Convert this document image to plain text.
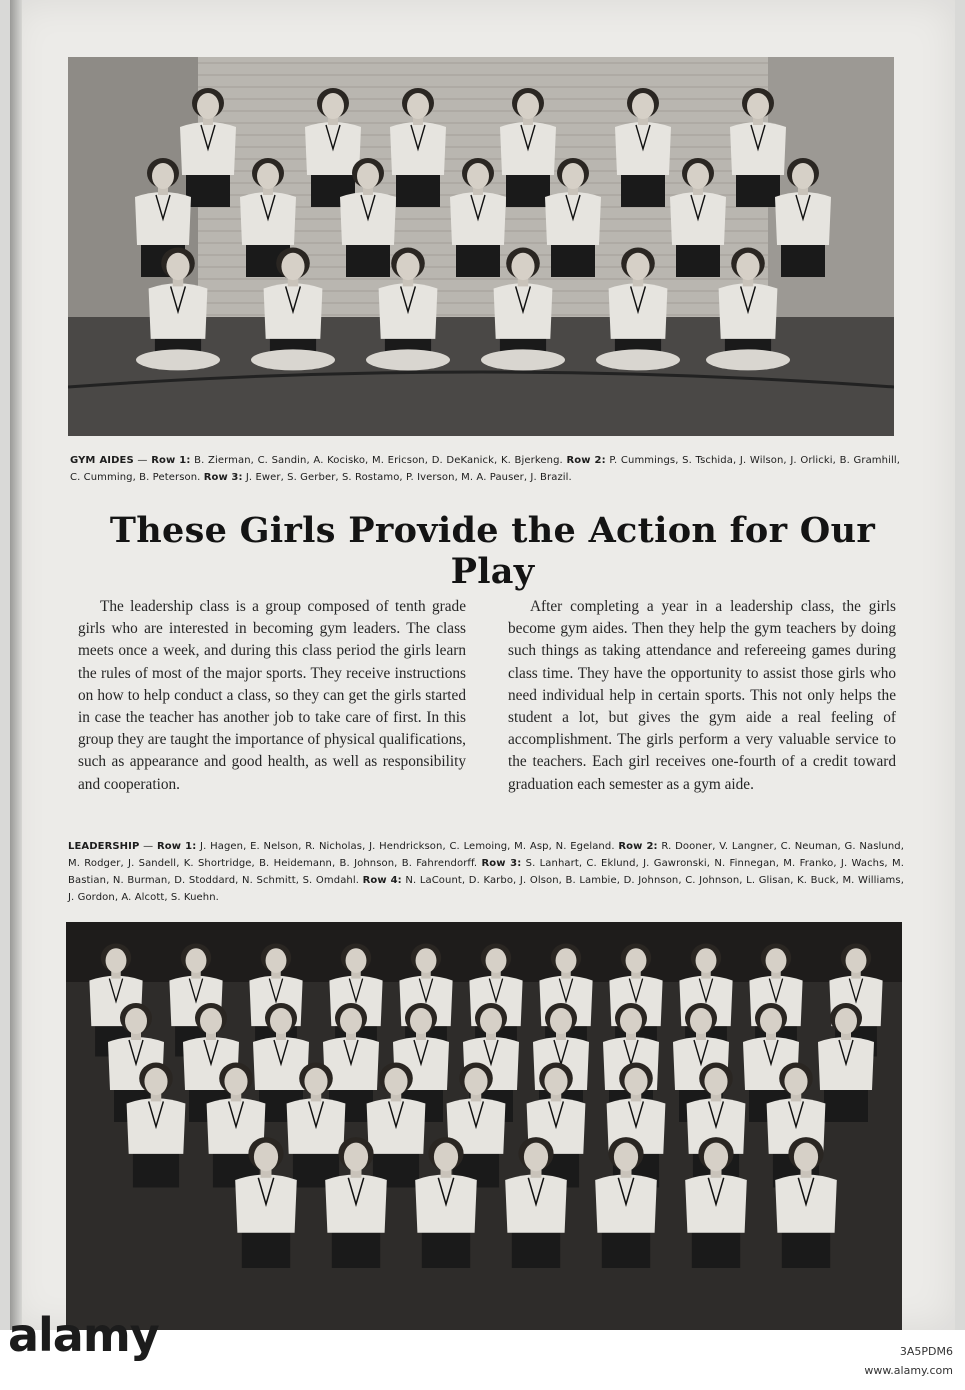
GYM AIDES — Row 1: B. Zierman, C. Sandin, A. Kocisko, M. Ericson, D. DeKanick, K. Bjerkeng. Row 2: P. Cummings, S. Tschida, J. Wilson, J. Orlicki, B. Gramhill, C. Cumming, B. Peterson. Row 3: J. Ewer, S. Gerber, S. Rostamo, P. Iverson, M. A. Pauser, J. Brazil.
These Girls Provide the Action for Our Play
The leadership class is a group composed of tenth grade girls who are interested in becoming gym leaders. The class meets once a week, and during this class period the girls learn the rules of most of the major sports. They receive instructions on how to help conduct a class, so they can get the girls started in case the teacher has another job to take care of first. In this group they are taught the importance of physical qualifications, such as appearance and good health, as well as responsibility and cooperation.
After completing a year in a leadership class, the girls become gym aides. Then they help the gym teachers by doing such things as taking attendance and refereeing games during class time. They have the opportunity to assist those girls who need individual help in certain sports. This not only helps the student a lot, but gives the gym aide a real feeling of accomplishment. The girls perform a very valuable service to the teachers. Each girl receives one-fourth of a credit toward graduation each semester as a gym aide.
LEADERSHIP — Row 1: J. Hagen, E. Nelson, R. Nicholas, J. Hendrickson, C. Lemoing, M. Asp, N. Egeland. Row 2: R. Dooner, V. Langner, C. Neuman, G. Naslund, M. Rodger, J. Sandell, K. Shortridge, B. Heidemann, B. Johnson, B. Fahrendorff. Row 3: S. Lanhart, C. Eklund, J. Gawronski, N. Finnegan, M. Franko, J. Wachs, M. Bastian, N. Burman, D. Stoddard, N. Schmitt, S. Omdahl. Row 4: N. LaCount, D. Karbo, J. Olson, B. Lambie, D. Johnson, C. Johnson, L. Glisan, K. Buck, M. Williams, J. Gordon, A. Alcott, S. Kuehn.
alamy	3A5PDM6
www.alamy.com
